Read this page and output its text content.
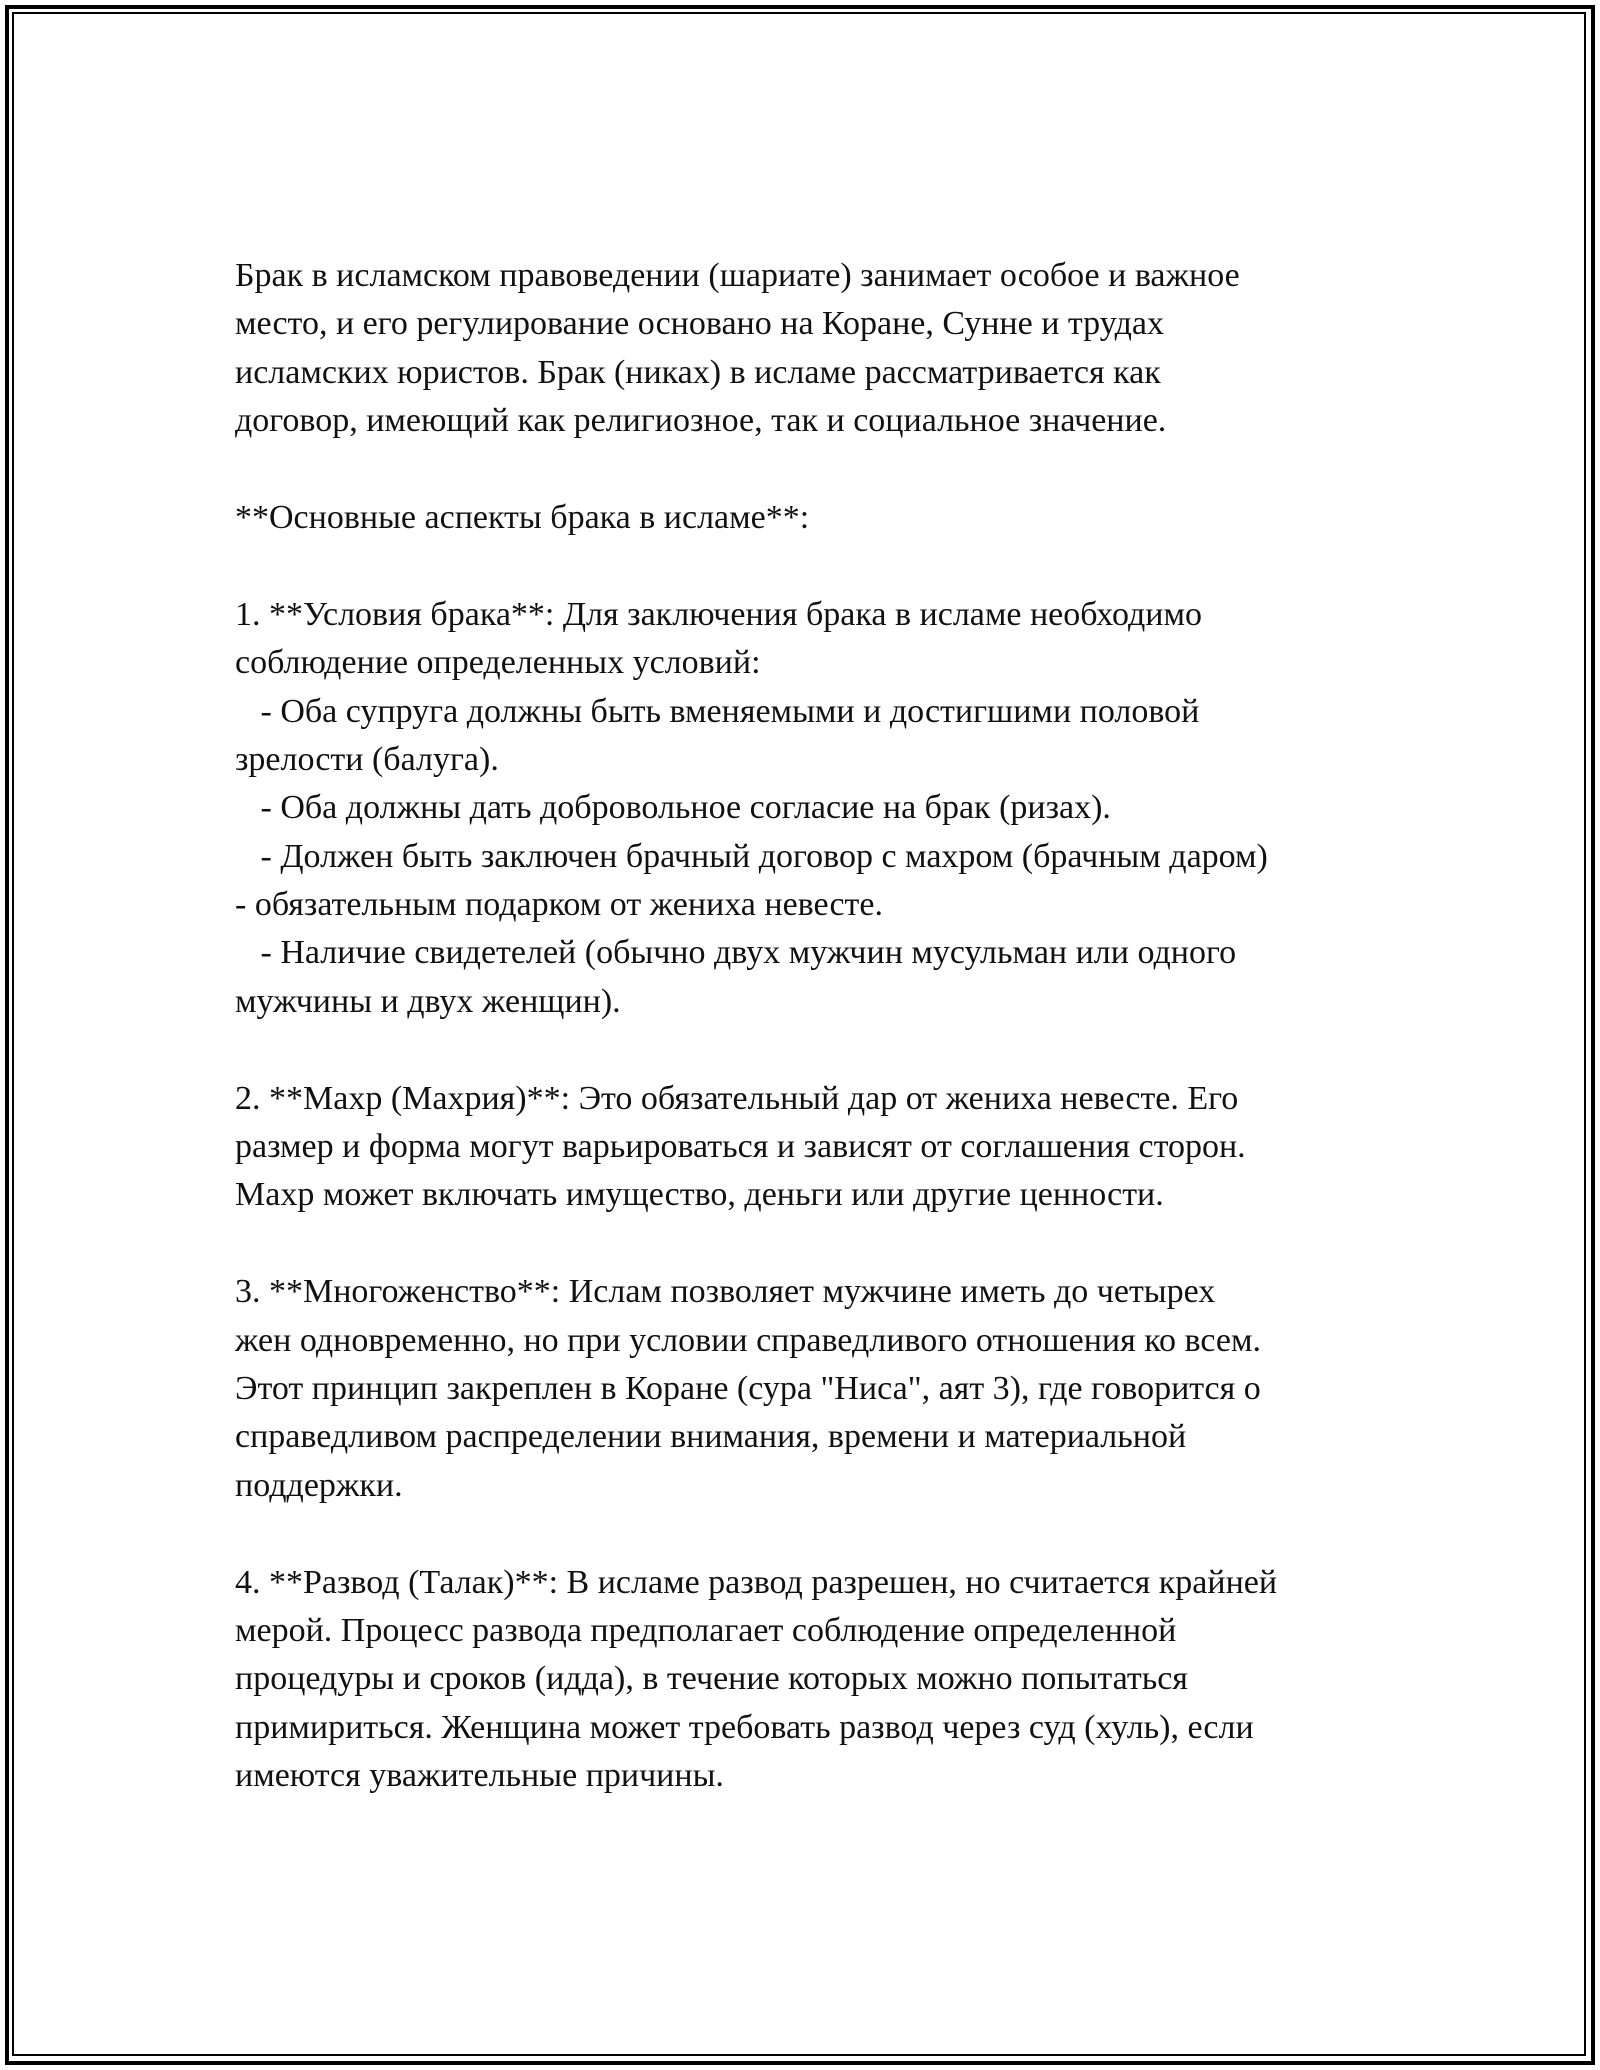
Брак в исламском правоведении (шариате) занимает особое и важное
место, и его регулирование основано на Коране, Сунне и трудах
исламских юристов. Брак (никах) в исламе рассматривается как
договор, имеющий как религиозное, так и социальное значение.
**Основные аспекты брака в исламе**:
1. **Условия брака**: Для заключения брака в исламе необходимо
соблюдение определенных условий:
- Оба супруга должны быть вменяемыми и достигшими половой
зрелости (балуга).
- Оба должны дать добровольное согласие на брак (ризах).
- Должен быть заключен брачный договор с махром (брачным даром)
- обязательным подарком от жениха невесте.
- Наличие свидетелей (обычно двух мужчин мусульман или одного
мужчины и двух женщин).
2. **Махр (Махрия)**: Это обязательный дар от жениха невесте. Его
размер и форма могут варьироваться и зависят от соглашения сторон.
Махр может включать имущество, деньги или другие ценности.
3. **Многоженство**: Ислам позволяет мужчине иметь до четырех
жен одновременно, но при условии справедливого отношения ко всем.
Этот принцип закреплен в Коране (сура "Ниса", аят 3), где говорится о
справедливом распределении внимания, времени и материальной
поддержки.
4. **Развод (Талак)**: В исламе развод разрешен, но считается крайней
мерой. Процесс развода предполагает соблюдение определенной
процедуры и сроков (идда), в течение которых можно попытаться
примириться. Женщина может требовать развод через суд (хуль), если
имеются уважительные причины.
